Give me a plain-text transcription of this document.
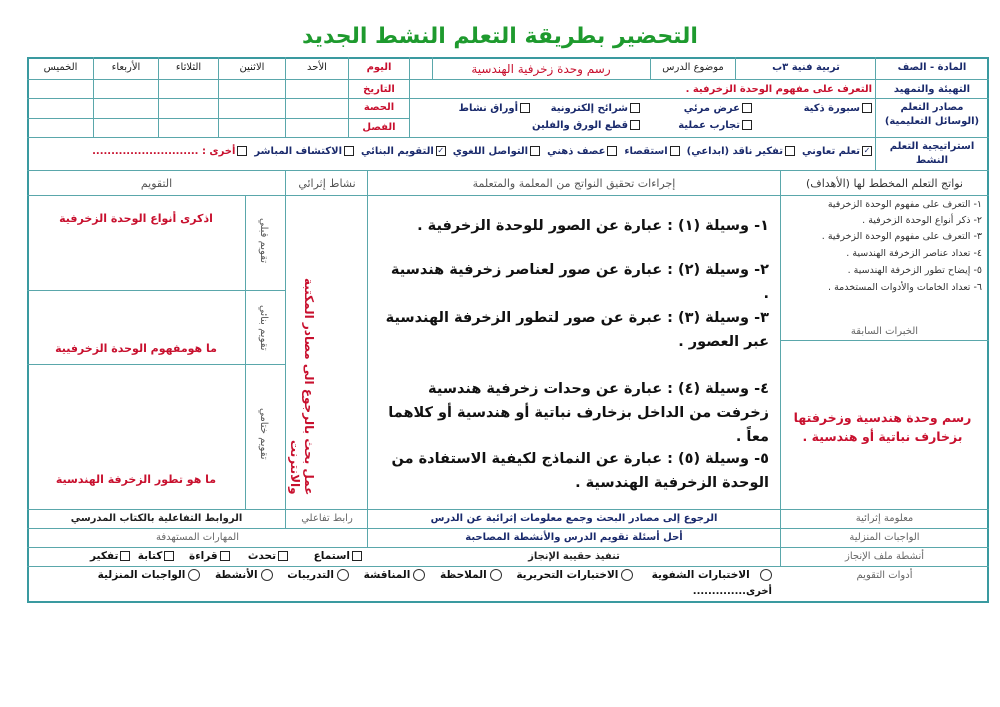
التحضير بطريقة التعلم النشط الجديد
المادة - الصف
تربية فنية ٣ب
موضوع الدرس
رسم وحدة زخرفية الهندسية
اليوم
الأحد
الاثنين
الثلاثاء
الأربعاء
الخميس
التهيئة والتمهيد
التعرف على مفهوم الوحدة الزخرفية .
التاريخ
مصادر التعلم (الوسائل التعليمية)
الحصة
الفصل
سبورة ذكية
عرض مرئي
شرائح إلكترونية
أوراق نشاط
تجارب عملية
قطع الورق والفلين
استراتيجية التعلم النشط
✓تعلم تعاوني  تفكير ناقد (ابداعي)  استقصاء  عصف ذهني  التواصل اللغوي  ✓التقويم البنائي  الاكتشاف المباشر  أخرى : ............................
نواتج التعلم المخطط لها (الأهداف)
إجراءات تحقيق النواتج من المعلمة والمتعلمة
نشاط إثرائي
التقويم
١- التعرف على مفهوم الوحدة الزخرفية
٢- ذكر أنواع الوحدة الزخرفية .
٣- التعرف على مفهوم الوحدة الزخرفية .
٤- تعداد عناصر الزخرفة الهندسية .
٥- إيضاح تطور الزخرفة الهندسية .
٦- تعداد الخامات والأدوات المستخدمة .
الخبرات السابقة
رسم وحدة هندسية وزخرفتها بزخارف نباتية أو هندسية .
١- وسيلة (١) : عبارة عن الصور للوحدة الزخرفية .
٢- وسيلة (٢) : عبارة عن صور لعناصر زخرفية هندسية .
٣- وسيلة (٣) : عبرة عن صور لتطور الزخرفة الهندسية عبر العصور .
٤- وسيلة (٤) : عبارة عن وحدات زخرفية هندسية زخرفت من الداخل بزخارف نباتية أو هندسية أو كلاهما معاً .
٥- وسيلة (٥) : عبارة عن النماذج لكيفية الاستفادة من الوحدة الزخرفية الهندسية .
عمل بحث بالرجوع الى مصادر المكتبة والانترنت
تقويم قبلي
تقويم بنائي
تقويم ختامي
اذكرى أنواع الوحدة الزخرفية
ما هومفهوم الوحدة الزخرفيية
ما هو تطور الزخرفة الهندسية
معلومة إثرائية
الرجوع إلى مصادر البحث وجمع معلومات إثرائية عن الدرس
رابط تفاعلي
الروابط التفاعلية بالكتاب المدرسي
الواجبات المنزلية
أحل أسئلة تقويم الدرس والأنشطة المصاحبة
المهارات المستهدفة
أنشطة ملف الإنجاز
تنفيذ حقيبة الإنجاز
استماع       تحدث     قراءة    كتابة  تفكير
أدوات التقويم
الاختبارات الشفوية     الاختبارات التحريرية    الملاحظة    المناقشة    التدريبات    الأنشطة    الواجبات المنزلية
أخرى..............
